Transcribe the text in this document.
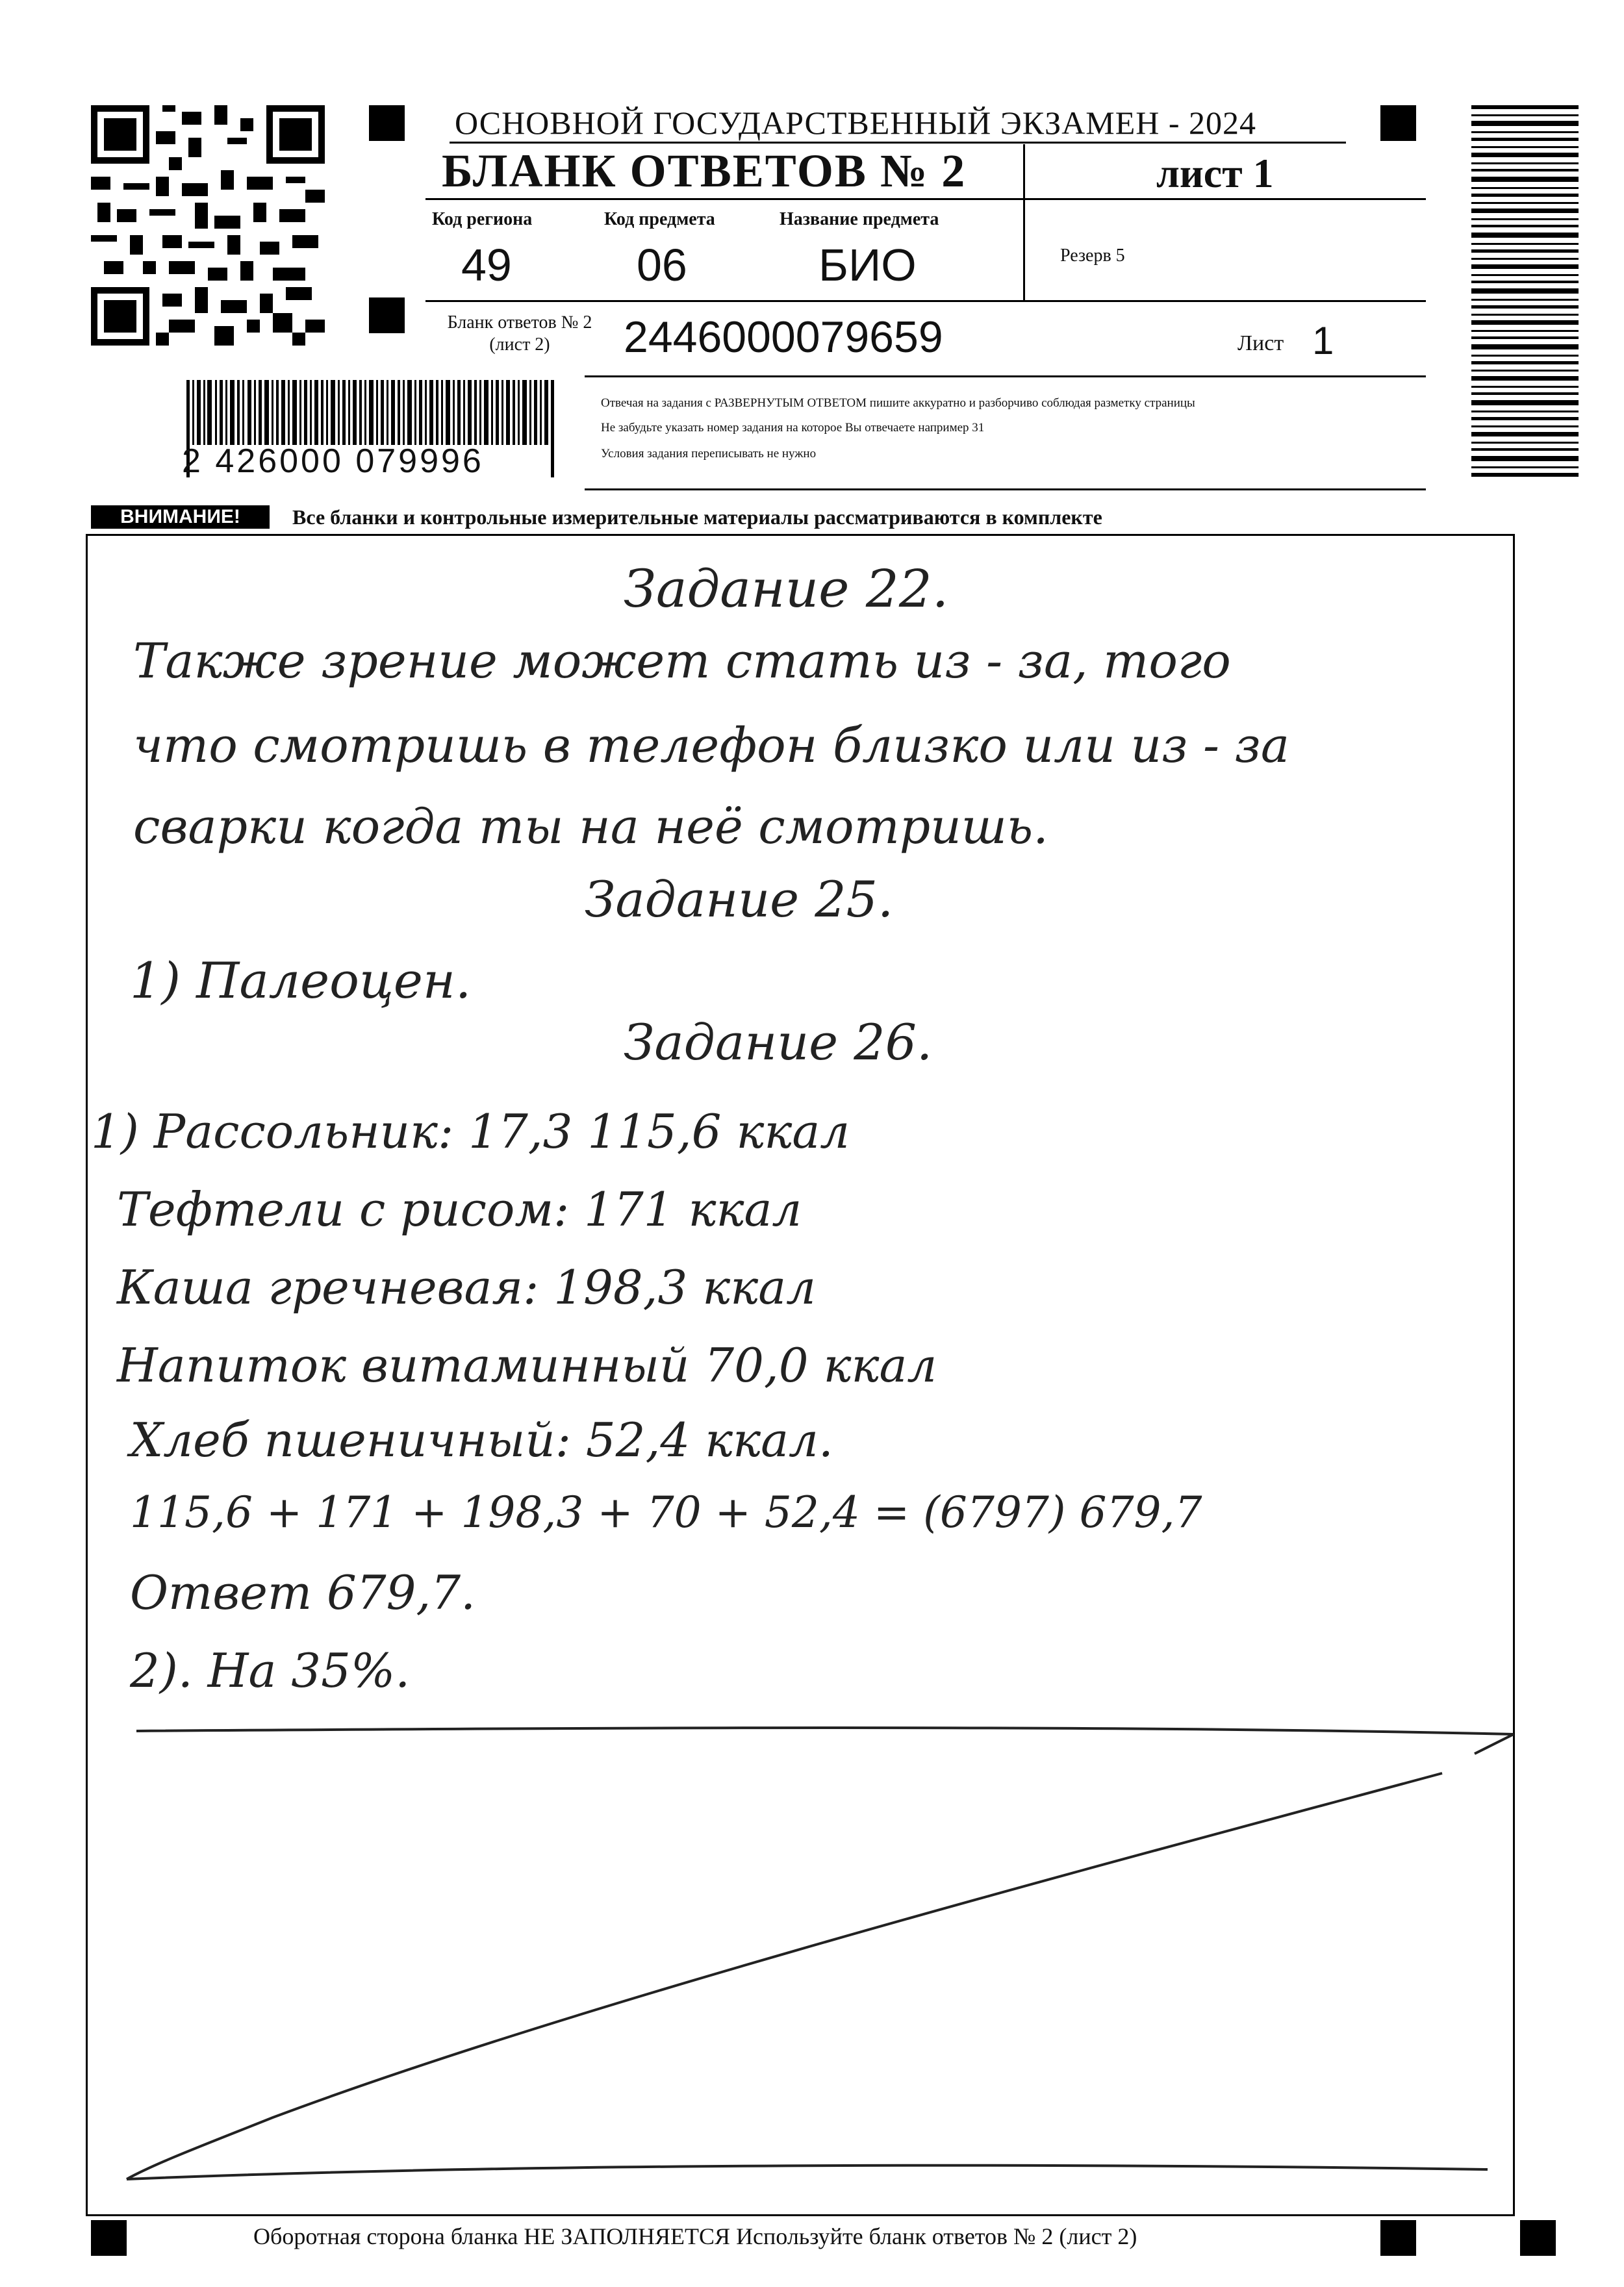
2 426000 079996
ОСНОВНОЙ ГОСУДАРСТВЕННЫЙ ЭКЗАМЕН - 2024
БЛАНК ОТВЕТОВ № 2	лист 1
Код региона
49
Код предмета
06
Название предмета
БИО	Резерв 5
Бланк ответов № 2
(лист 2)	2446000079659	Лист 1
Отвечая на задания с РАЗВЕРНУТЫМ ОТВЕТОМ пишите аккуратно и разборчиво соблюдая разметку страницы
Не забудьте указать номер задания на которое Вы отвечаете например 31
Условия задания переписывать не нужно
ВНИМАНИЕ!	Все бланки и контрольные измерительные материалы рассматриваются в комплекте
Задание 22.
Также зрение может стать из - за, того
что смотришь в телефон близко или из - за
сварки когда ты на неё смотришь.
Задание 25.
1) Палеоцен.
Задание 26.
1) Рассольник: 17,3 115,6 ккал
Тефтели с рисом: 171 ккал
Каша гречневая: 198,3 ккал
Напиток витаминный 70,0 ккал
Хлеб пшеничный: 52,4 ккал.
115,6 + 171 + 198,3 + 70 + 52,4 = (6797) 679,7
Ответ 679,7.
2). На 35%.
Оборотная сторона бланка НЕ ЗАПОЛНЯЕТСЯ Используйте бланк ответов № 2 (лист 2)
